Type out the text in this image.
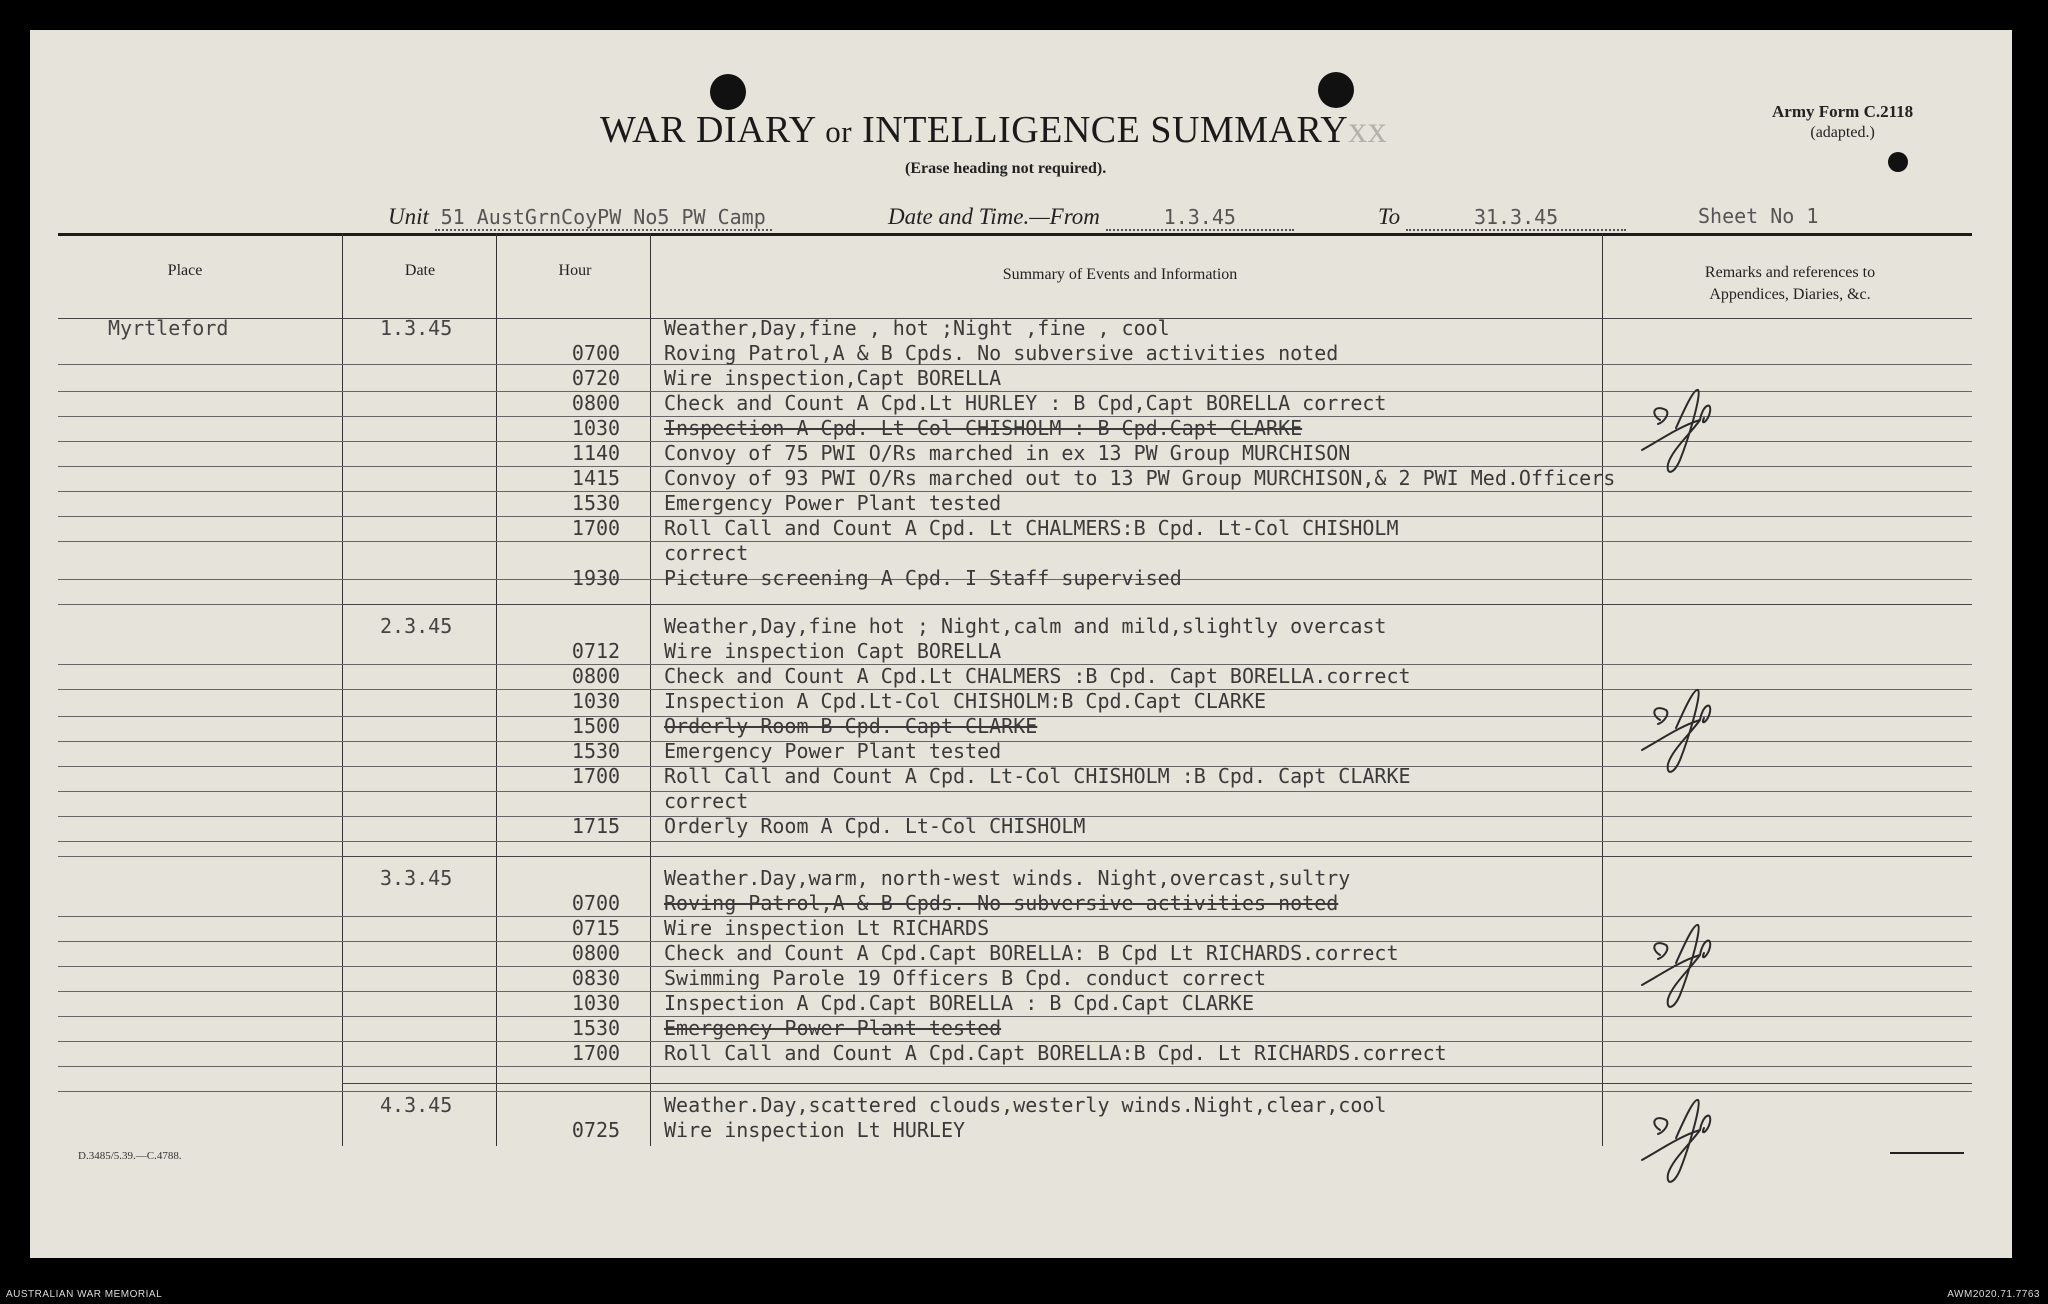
WAR DIARY or INTELLIGENCE SUMMARYxx
(Erase heading not required).
Army Form C.2118
(adapted.)
Unit 51 AustGrnCoyPW No5 PW Camp	Date and Time.—From	1.3.45	To	31.3.45	Sheet No 1
Place	Date	Hour	Summary of Events and Information	Remarks and references to
Appendices, Diaries, &c.
Myrtleford	1.3.45	Weather,Day,fine , hot ;Night ,fine , cool
0700	Roving Patrol,A & B Cpds. No subversive activities noted
0720	Wire inspection,Capt BORELLA
0800	Check and Count A Cpd.Lt HURLEY : B Cpd,Capt BORELLA correct
1030	Inspection A Cpd. Lt-Col CHISHOLM : B Cpd.Capt CLARKE
1140	Convoy of 75 PWI O/Rs marched in ex 13 PW Group MURCHISON
1415	Convoy of 93 PWI O/Rs marched out to 13 PW Group MURCHISON,& 2 PWI Med.Officers
1530	Emergency Power Plant tested
1700	Roll Call and Count A Cpd. Lt CHALMERS:B Cpd. Lt-Col CHISHOLM
correct
1930	Picture screening A Cpd. I Staff supervised
2.3.45	Weather,Day,fine hot ; Night,calm and mild,slightly overcast
0712	Wire inspection Capt BORELLA
0800	Check and Count A Cpd.Lt CHALMERS :B Cpd. Capt BORELLA.correct
1030	Inspection A Cpd.Lt-Col CHISHOLM:B Cpd.Capt CLARKE
1500	Orderly Room B Cpd. Capt CLARKE
1530	Emergency Power Plant tested
1700	Roll Call and Count A Cpd. Lt-Col CHISHOLM :B Cpd. Capt CLARKE
correct
1715	Orderly Room A Cpd. Lt-Col CHISHOLM
3.3.45	Weather.Day,warm, north-west winds. Night,overcast,sultry
0700	Roving Patrol,A & B Cpds. No subversive activities noted
0715	Wire inspection Lt RICHARDS
0800	Check and Count A Cpd.Capt BORELLA: B Cpd Lt RICHARDS.correct
0830	Swimming Parole 19 Officers B Cpd. conduct correct
1030	Inspection A Cpd.Capt BORELLA : B Cpd.Capt CLARKE
1530	Emergency Power Plant tested
1700	Roll Call and Count A Cpd.Capt BORELLA:B Cpd. Lt RICHARDS.correct
4.3.45	Weather.Day,scattered clouds,westerly winds.Night,clear,cool
0725	Wire inspection Lt HURLEY
D.3485/5.39.—C.4788.
AUSTRALIAN WAR MEMORIAL	AWM2020.71.7763
